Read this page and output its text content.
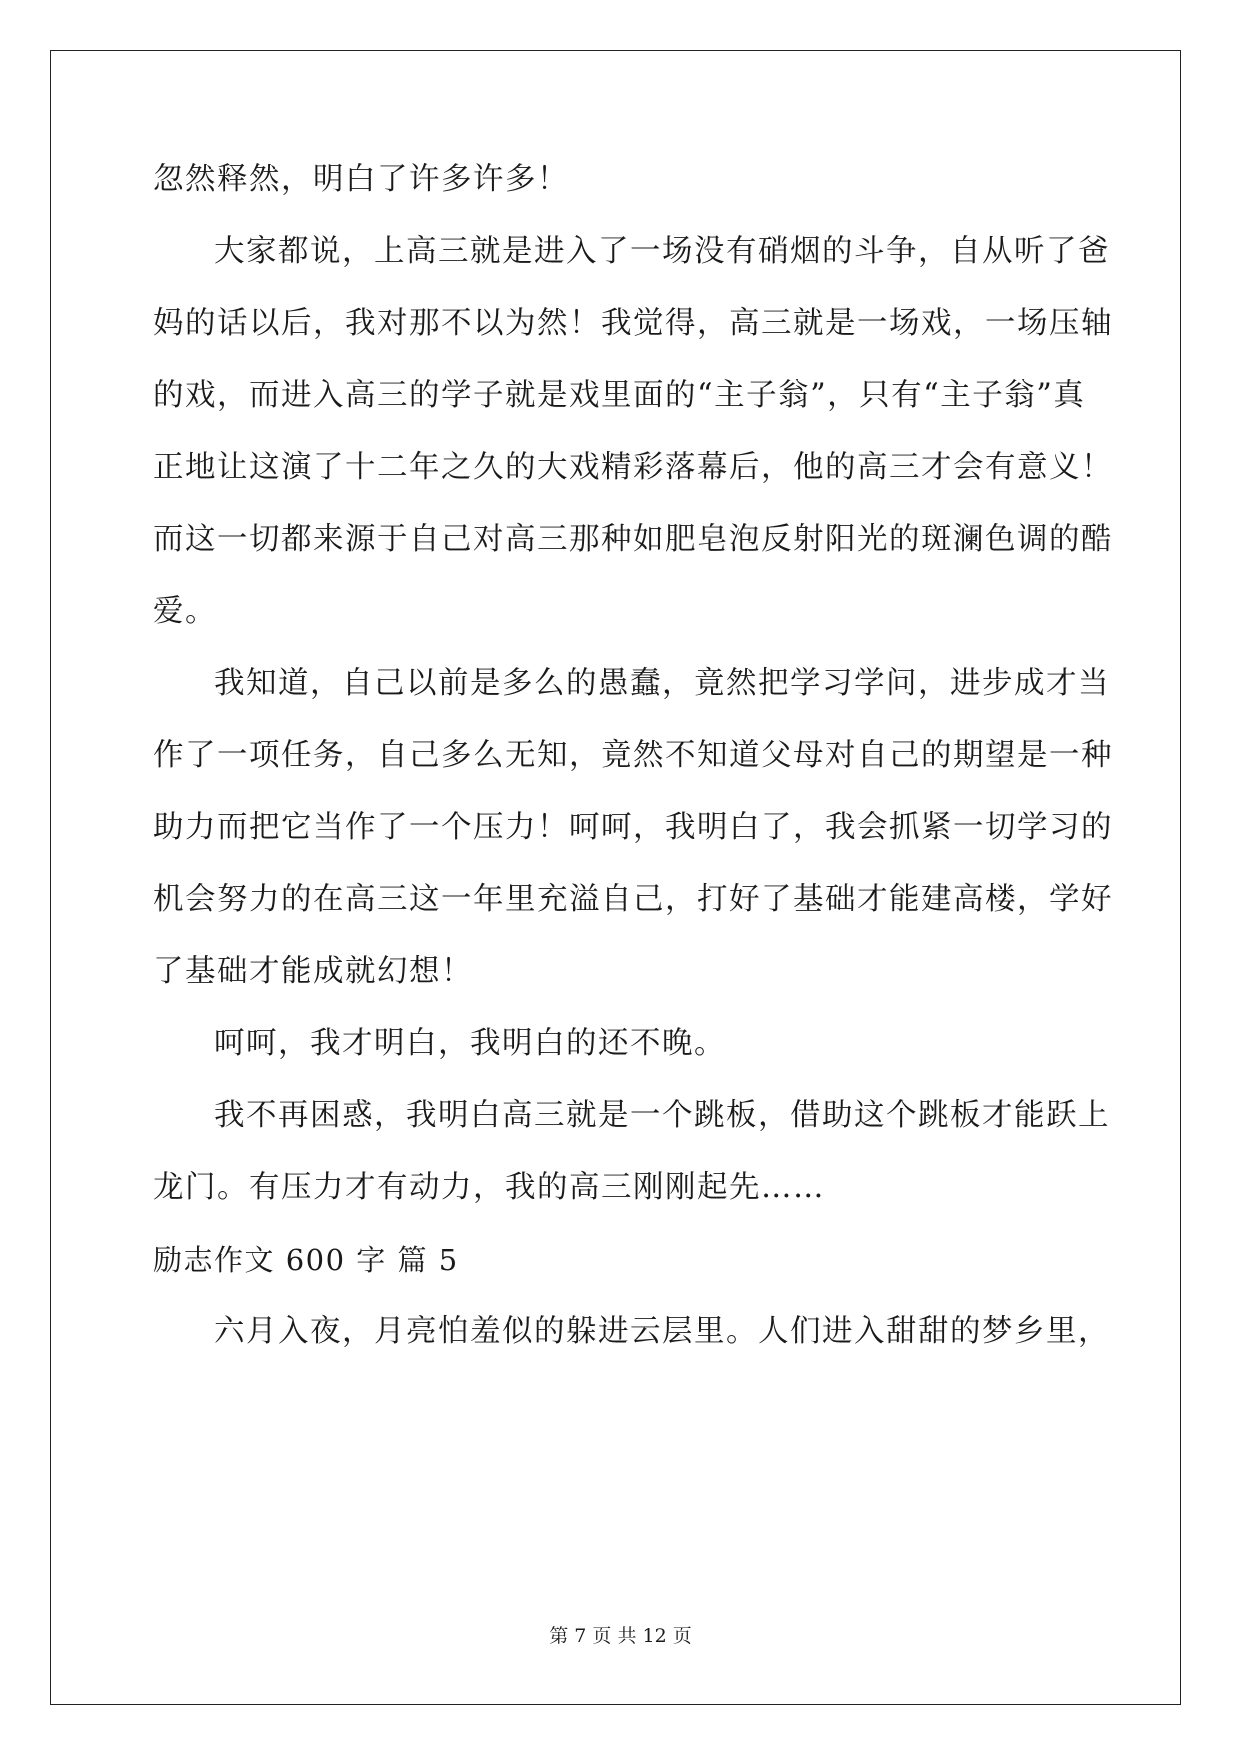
忽然释然，明白了许多许多！
大家都说，上高三就是进入了一场没有硝烟的斗争，自从听了爸
妈的话以后，我对那不以为然！我觉得，高三就是一场戏，一场压轴
的戏，而进入高三的学子就是戏里面的“主子翁”，只有“主子翁”真
正地让这演了十二年之久的大戏精彩落幕后，他的高三才会有意义！
而这一切都来源于自己对高三那种如肥皂泡反射阳光的斑澜色调的酷
爱。
我知道，自己以前是多么的愚蠢，竟然把学习学问，进步成才当
作了一项任务，自己多么无知，竟然不知道父母对自己的期望是一种
助力而把它当作了一个压力！呵呵，我明白了，我会抓紧一切学习的
机会努力的在高三这一年里充溢自己，打好了基础才能建高楼，学好
了基础才能成就幻想！
呵呵，我才明白，我明白的还不晚。
我不再困惑，我明白高三就是一个跳板，借助这个跳板才能跃上
龙门。有压力才有动力，我的高三刚刚起先……
励志作文 600 字 篇 5
六月入夜，月亮怕羞似的躲进云层里。人们进入甜甜的梦乡里，
第 7 页 共 12 页
